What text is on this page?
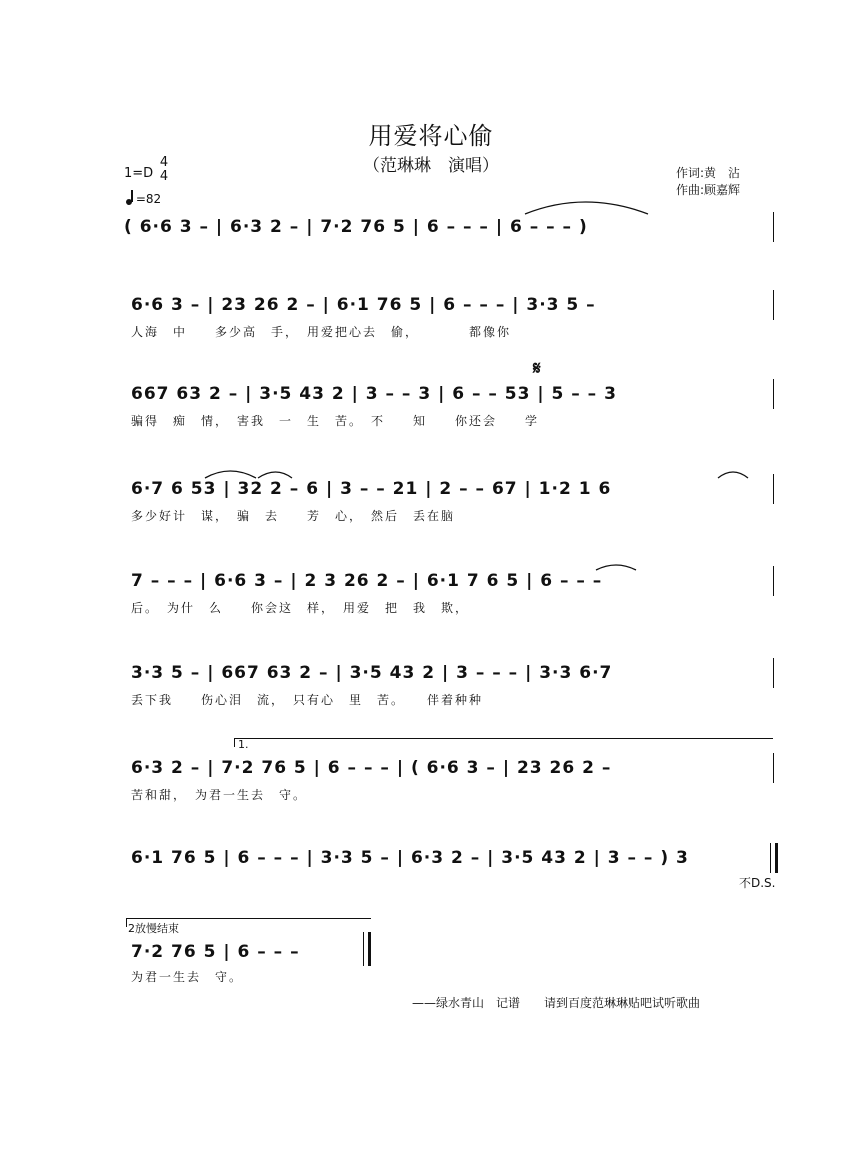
用爱将心偷
（范琳琳　演唱）	作词:黄　沾
作曲:顾嘉辉
1=D
4
4
=82
( 6·6 3 – | 6·3 2 – | 7·2 76 5 | 6 – – – | 6 – – – )
6·6 3 – | 23 26 2 – | 6·1 76 5 | 6 – – – | 3·3 5 –
人海　中　　多少高　手，　用爱把心去　偷，　　　　都像你
𝄋
667 63 2 – | 3·5 43 2 | 3 – – 3 | 6 – – 53 | 5 – – 3
骗得　痴　情，　害我　一　生　苦。　不　　知　　你还会　　学
6·7 6 53 | 32 2 – 6 | 3 – – 21 | 2 – – 67 | 1·2 1 6
多少好计　谋，　骗　去　　芳　心，　然后　丢在脑
7 – – – | 6·6 3 – | 2 3 26 2 – | 6·1 7 6 5 | 6 – – –
后。　为什　么　　你会这　样，　用爱　把　我　欺，
3·3 5 – | 667 63 2 – | 3·5 43 2 | 3 – – – | 3·3 6·7
丢下我　　伤心泪　流，　只有心　里　苦。　　伴着种种
1.
6·3 2 – | 7·2 76 5 | 6 – – – | ( 6·6 3 – | 23 26 2 –
苦和甜，　为君一生去　守。
6·1 76 5 | 6 – – – | 3·3 5 – | 6·3 2 – | 3·5 43 2 | 3 – – ) 3
不D.S.
2放慢结束
7·2 76 5 | 6 – – –
为君一生去　守。
——绿水青山　记谱　　请到百度范琳琳贴吧试听歌曲
